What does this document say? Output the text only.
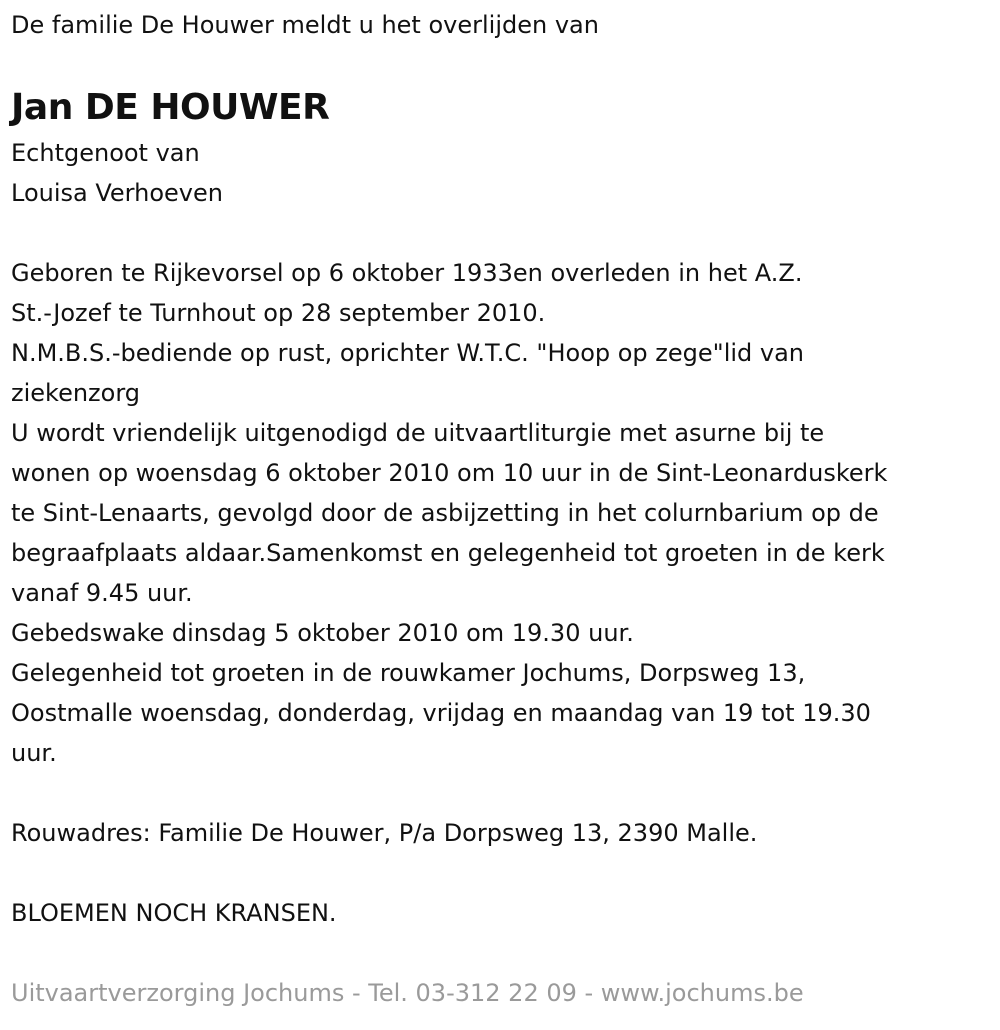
De familie De Houwer meldt u het overlijden van
Jan DE HOUWER
Echtgenoot van
Louisa Verhoeven
Geboren te Rijkevorsel op 6 oktober 1933en overleden in het A.Z.
St.-Jozef te Turnhout op 28 september 2010.
N.M.B.S.-bediende op rust, oprichter W.T.C. "Hoop op zege"lid van
ziekenzorg
U wordt vriendelijk uitgenodigd de uitvaartliturgie met asurne bij te
wonen op woensdag 6 oktober 2010 om 10 uur in de Sint-Leonarduskerk
te Sint-Lenaarts, gevolgd door de asbijzetting in het colurnbarium op de
begraafplaats aldaar.Samenkomst en gelegenheid tot groeten in de kerk
vanaf 9.45 uur.
Gebedswake dinsdag 5 oktober 2010 om 19.30 uur.
Gelegenheid tot groeten in de rouwkamer Jochums, Dorpsweg 13,
Oostmalle woensdag, donderdag, vrijdag en maandag van 19 tot 19.30
uur.
Rouwadres: Familie De Houwer, P/a Dorpsweg 13, 2390 Malle.
BLOEMEN NOCH KRANSEN.
Uitvaartverzorging Jochums - Tel. 03-312 22 09 - www.jochums.be
